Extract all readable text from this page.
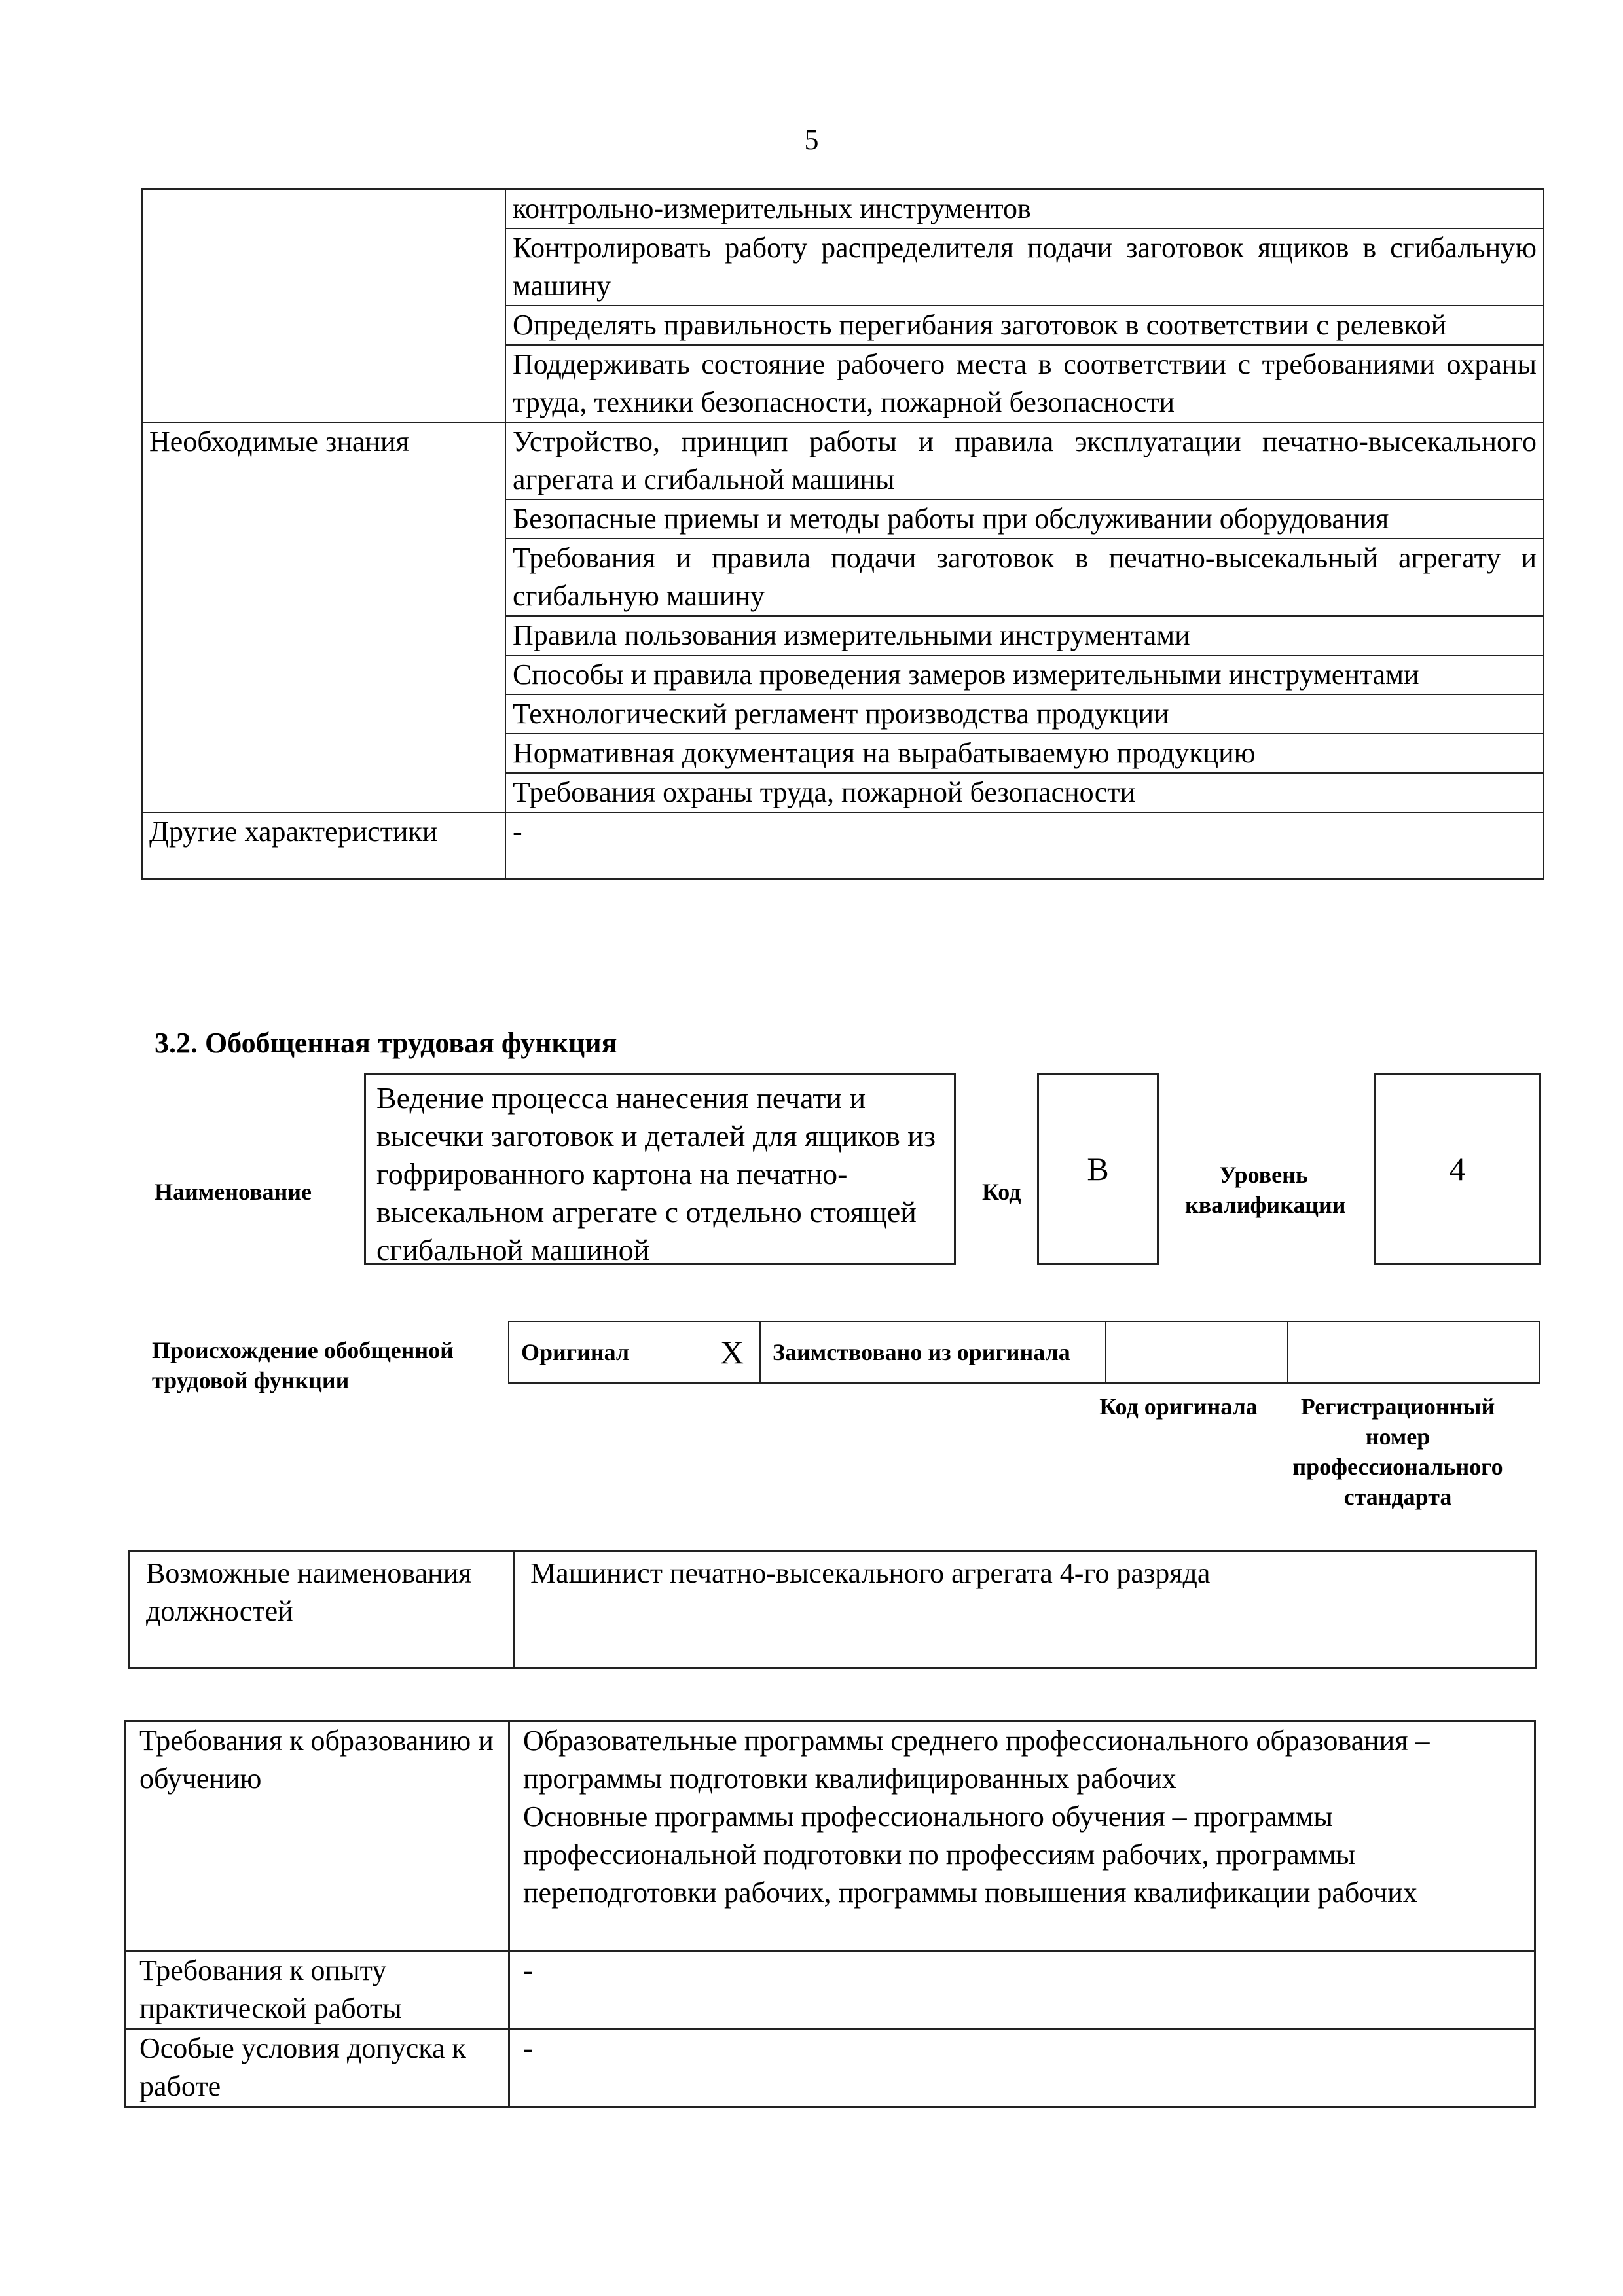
5
	контрольно-измерительных инструментов
	Контролировать работу распределителя подачи заготовок ящиков в сгибальную машину
	Определять правильность перегибания заготовок в соответствии с релевкой
	Поддерживать состояние рабочего места в соответствии с требованиями охраны труда, техники безопасности, пожарной безопасности
Необходимые знания	Устройство, принцип работы и правила эксплуатации печатно-высекального агрегата и сгибальной машины
	Безопасные приемы и методы работы при обслуживании оборудования
	Требования и правила подачи заготовок в печатно-высекальный агрегату и сгибальную машину
	Правила пользования измерительными инструментами
	Способы и правила проведения замеров измерительными инструментами
	Технологический регламент производства продукции
	Нормативная документация на вырабатываемую продукцию
	Требования охраны труда, пожарной безопасности
Другие характеристики	-
3.2. Обобщенная трудовая функция
Наименование
Ведение процесса нанесения печати и высечки заготовок и деталей для ящиков из гофрированного картона на печатно-высекальном агрегате с отдельно стоящей сгибальной машиной
Код
B	Уровень квалификации
4
Происхождение обобщенной трудовой функции
Оригинал	X	Заимствовано из оригинала		
Код оригинала	Регистрационный номер профессионального стандарта
Возможные наименования должностей	Машинист печатно-высекального агрегата 4-го разряда
Требования к образованию и обучению	Образовательные программы среднего профессионального образования – программы подготовки квалифицированных рабочих
Основные программы профессионального обучения – программы профессиональной подготовки по профессиям рабочих, программы переподготовки рабочих, программы повышения квалификации рабочих

Требования к опыту практической работы	-
Особые условия допуска к работе	-
